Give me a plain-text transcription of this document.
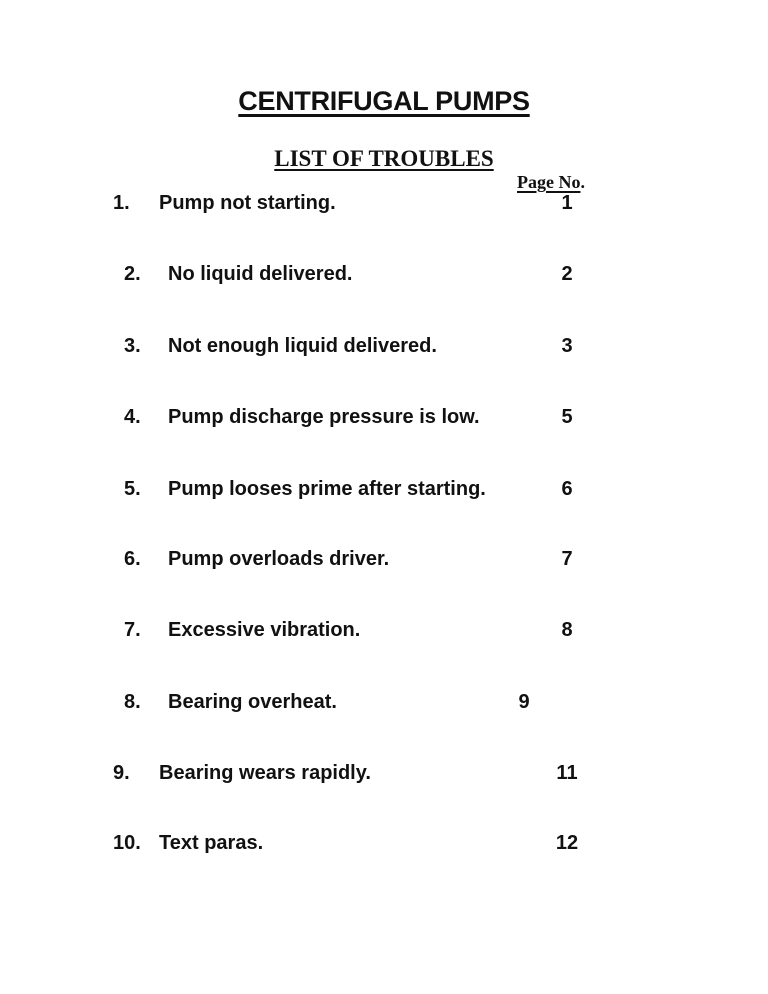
CENTRIFUGAL PUMPS
LIST OF TROUBLES
Page No.
1. Pump not starting.	1
2. No liquid delivered.	2
3. Not enough liquid delivered.	3
4. Pump discharge pressure is low.	5
5. Pump looses prime after starting.	6
6. Pump overloads driver.	7
7. Excessive vibration.	8
8. Bearing overheat.	9
9. Bearing wears rapidly.	11
10. Text paras.	12
